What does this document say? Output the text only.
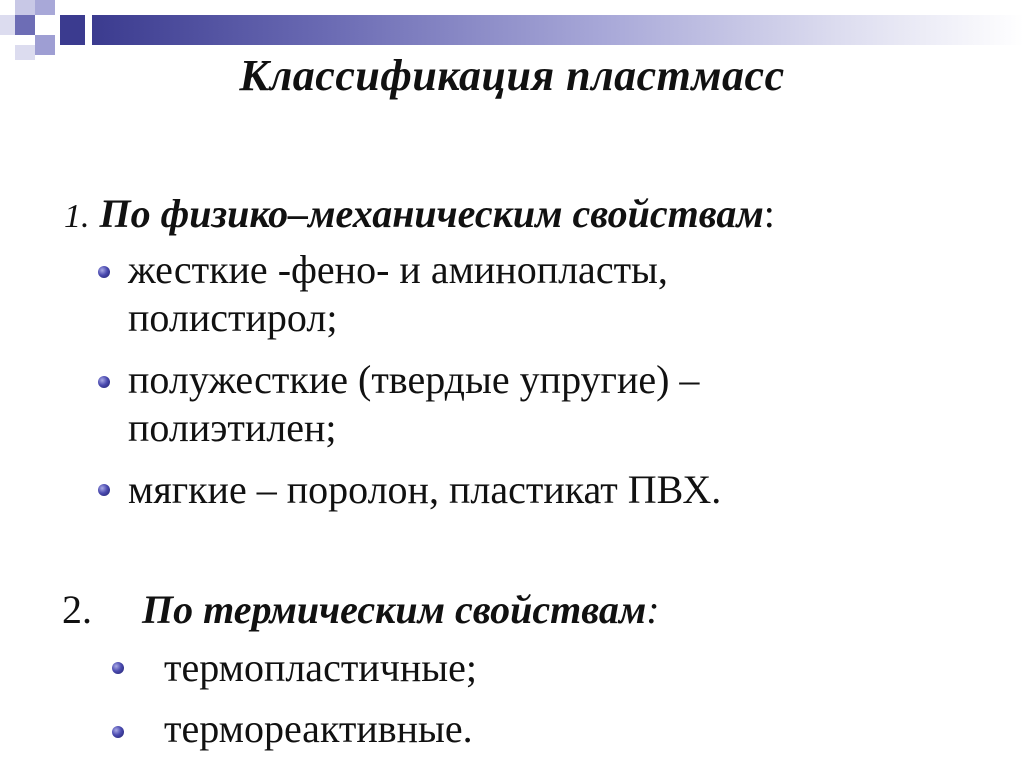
Классификация пластмасс
1. По физико–механическим свойствам:
жесткие -фено- и аминопласты,
полистирол;
полужесткие (твердые упругие) –
полиэтилен;
мягкие – поролон, пластикат ПВХ.
2. По термическим свойствам:
термопластичные;
термореактивные.
